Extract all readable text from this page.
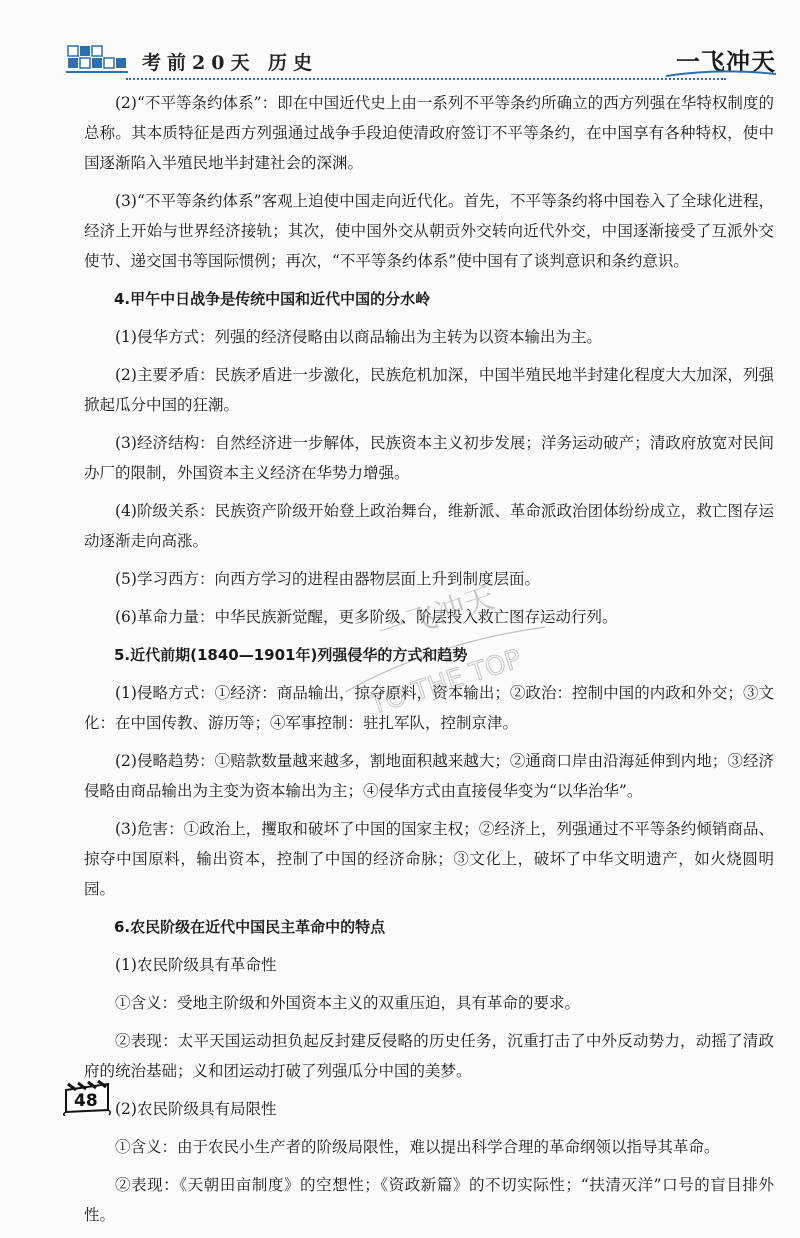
考前20天 历史	一飞冲天

(2)“不平等条约体系”：即在中国近代史上由一系列不平等条约所确立的西方列强在华特权制度的总称。其本质特征是西方列强通过战争手段迫使清政府签订不平等条约，在中国享有各种特权，使中国逐渐陷入半殖民地半封建社会的深渊。

(3)“不平等条约体系”客观上迫使中国走向近代化。首先，不平等条约将中国卷入了全球化进程，经济上开始与世界经济接轨；其次，使中国外交从朝贡外交转向近代外交，中国逐渐接受了互派外交使节、递交国书等国际惯例；再次，“不平等条约体系”使中国有了谈判意识和条约意识。

4.甲午中日战争是传统中国和近代中国的分水岭

(1)侵华方式：列强的经济侵略由以商品输出为主转为以资本输出为主。

(2)主要矛盾：民族矛盾进一步激化，民族危机加深，中国半殖民地半封建化程度大大加深，列强掀起瓜分中国的狂潮。

(3)经济结构：自然经济进一步解体，民族资本主义初步发展；洋务运动破产；清政府放宽对民间办厂的限制，外国资本主义经济在华势力增强。

(4)阶级关系：民族资产阶级开始登上政治舞台，维新派、革命派政治团体纷纷成立，救亡图存运动逐渐走向高涨。

(5)学习西方：向西方学习的进程由器物层面上升到制度层面。

(6)革命力量：中华民族新觉醒，更多阶级、阶层投入救亡图存运动行列。

5.近代前期(1840—1901年)列强侵华的方式和趋势

(1)侵略方式：①经济：商品输出，掠夺原料，资本输出；②政治：控制中国的内政和外交；③文化：在中国传教、游历等；④军事控制：驻扎军队，控制京津。

(2)侵略趋势：①赔款数量越来越多，割地面积越来越大；②通商口岸由沿海延伸到内地；③经济侵略由商品输出为主变为资本输出为主；④侵华方式由直接侵华变为“以华治华”。

(3)危害：①政治上，攫取和破坏了中国的国家主权；②经济上，列强通过不平等条约倾销商品、掠夺中国原料，输出资本，控制了中国的经济命脉；③文化上，破坏了中华文明遗产，如火烧圆明园。

6.农民阶级在近代中国民主革命中的特点

(1)农民阶级具有革命性

①含义：受地主阶级和外国资本主义的双重压迫，具有革命的要求。

②表现：太平天国运动担负起反封建反侵略的历史任务，沉重打击了中外反动势力，动摇了清政府的统治基础；义和团运动打破了列强瓜分中国的美梦。

(2)农民阶级具有局限性

①含义：由于农民小生产者的阶级局限性，难以提出科学合理的革命纲领以指导其革命。

②表现：《天朝田亩制度》的空想性；《资政新篇》的不切实际性；“扶清灭洋”口号的盲目排外性。

一飞冲天
TO THE TOP
48
